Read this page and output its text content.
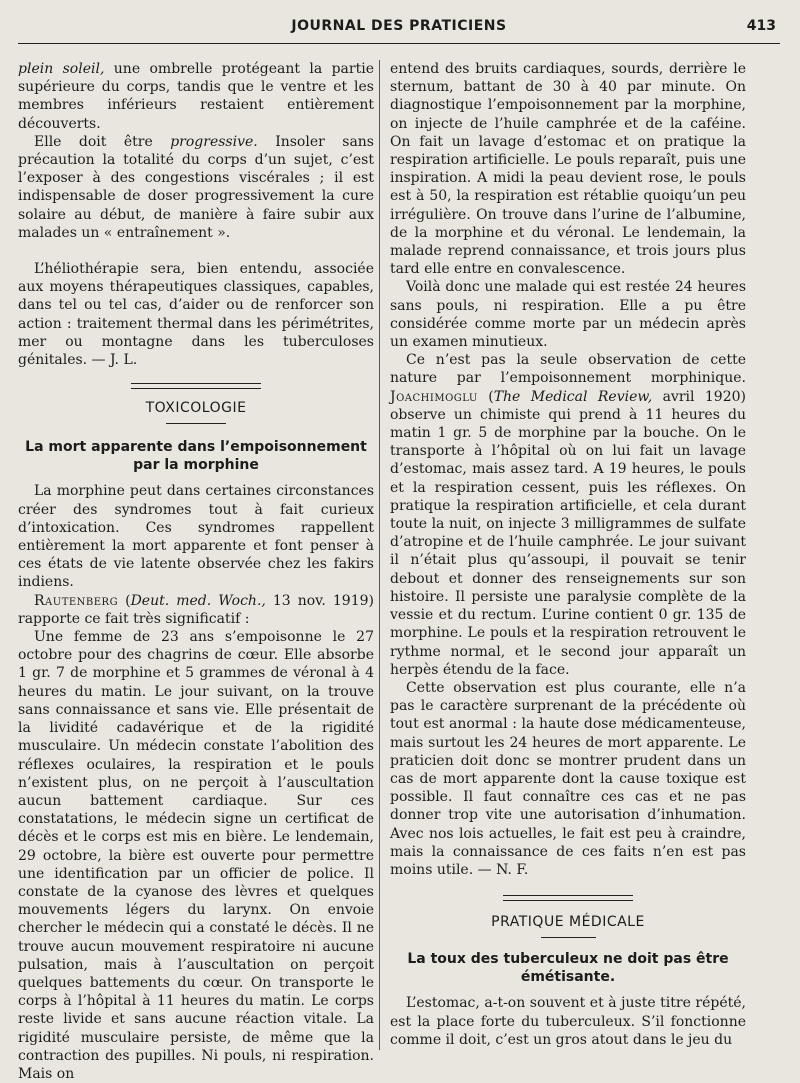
JOURNAL DES PRATICIENS	413

plein soleil, une ombrelle protégeant la partie supérieure du corps, tandis que le ventre et les membres inférieurs restaient entièrement découverts.

Elle doit être progressive. Insoler sans précaution la totalité du corps d’un sujet, c’est l’exposer à des congestions viscérales ; il est indispensable de doser progressivement la cure solaire au début, de manière à faire subir aux malades un « entraînement ».

L’héliothérapie sera, bien entendu, associée aux moyens thérapeutiques classiques, capables, dans tel ou tel cas, d’aider ou de renforcer son action : traitement thermal dans les périmétrites, mer ou montagne dans les tuberculoses génitales. — J. L.

TOXICOLOGIE
La mort apparente dans l’empoisonnement par la morphine

La morphine peut dans certaines circonstances créer des syndromes tout à fait curieux d’intoxication. Ces syndromes rappellent entièrement la mort apparente et font penser à ces états de vie latente observée chez les fakirs indiens.

Rautenberg (Deut. med. Woch., 13 nov. 1919) rapporte ce fait très significatif :

Une femme de 23 ans s’empoisonne le 27 octobre pour des chagrins de cœur. Elle absorbe 1 gr. 7 de morphine et 5 grammes de véronal à 4 heures du matin. Le jour suivant, on la trouve sans connaissance et sans vie. Elle présentait de la lividité cadavérique et de la rigidité musculaire. Un médecin constate l’abolition des réflexes oculaires, la respiration et le pouls n’existent plus, on ne perçoit à l’auscultation aucun battement cardiaque. Sur ces constatations, le médecin signe un certificat de décès et le corps est mis en bière. Le lendemain, 29 octobre, la bière est ouverte pour permettre une identification par un officier de police. Il constate de la cyanose des lèvres et quelques mouvements légers du larynx. On envoie chercher le médecin qui a constaté le décès. Il ne trouve aucun mouvement respiratoire ni aucune pulsation, mais à l’auscultation on perçoit quelques battements du cœur. On transporte le corps à l’hôpital à 11 heures du matin. Le corps reste livide et sans aucune réaction vitale. La rigidité musculaire persiste, de même que la contraction des pupilles. Ni pouls, ni respiration. Mais on

entend des bruits cardiaques, sourds, derrière le sternum, battant de 30 à 40 par minute. On diagnostique l’empoisonnement par la morphine, on injecte de l’huile camphrée et de la caféine. On fait un lavage d’estomac et on pratique la respiration artificielle. Le pouls reparaît, puis une inspiration. A midi la peau devient rose, le pouls est à 50, la respiration est rétablie quoiqu’un peu irrégulière. On trouve dans l’urine de l’albumine, de la morphine et du véronal. Le lendemain, la malade reprend connaissance, et trois jours plus tard elle entre en convalescence.

Voilà donc une malade qui est restée 24 heures sans pouls, ni respiration. Elle a pu être considérée comme morte par un médecin après un examen minutieux.

Ce n’est pas la seule observation de cette nature par l’empoisonnement morphinique. Joachimoglu (The Medical Review, avril 1920) observe un chimiste qui prend à 11 heures du matin 1 gr. 5 de morphine par la bouche. On le transporte à l’hôpital où on lui fait un lavage d’estomac, mais assez tard. A 19 heures, le pouls et la respiration cessent, puis les réflexes. On pratique la respiration artificielle, et cela durant toute la nuit, on injecte 3 milligrammes de sulfate d’atropine et de l’huile camphrée. Le jour suivant il n’était plus qu’assoupi, il pouvait se tenir debout et donner des renseignements sur son histoire. Il persiste une paralysie complète de la vessie et du rectum. L’urine contient 0 gr. 135 de morphine. Le pouls et la respiration retrouvent le rythme normal, et le second jour apparaît un herpès étendu de la face.

Cette observation est plus courante, elle n’a pas le caractère surprenant de la précédente où tout est anormal : la haute dose médicamenteuse, mais surtout les 24 heures de mort apparente. Le praticien doit donc se montrer prudent dans un cas de mort apparente dont la cause toxique est possible. Il faut connaître ces cas et ne pas donner trop vite une autorisation d’inhumation. Avec nos lois actuelles, le fait est peu à craindre, mais la connaissance de ces faits n’en est pas moins utile. — N. F.

PRATIQUE MÉDICALE
La toux des tuberculeux ne doit pas être émétisante.

L’estomac, a-t-on souvent et à juste titre répété, est la place forte du tuberculeux. S’il fonctionne comme il doit, c’est un gros atout dans le jeu du
